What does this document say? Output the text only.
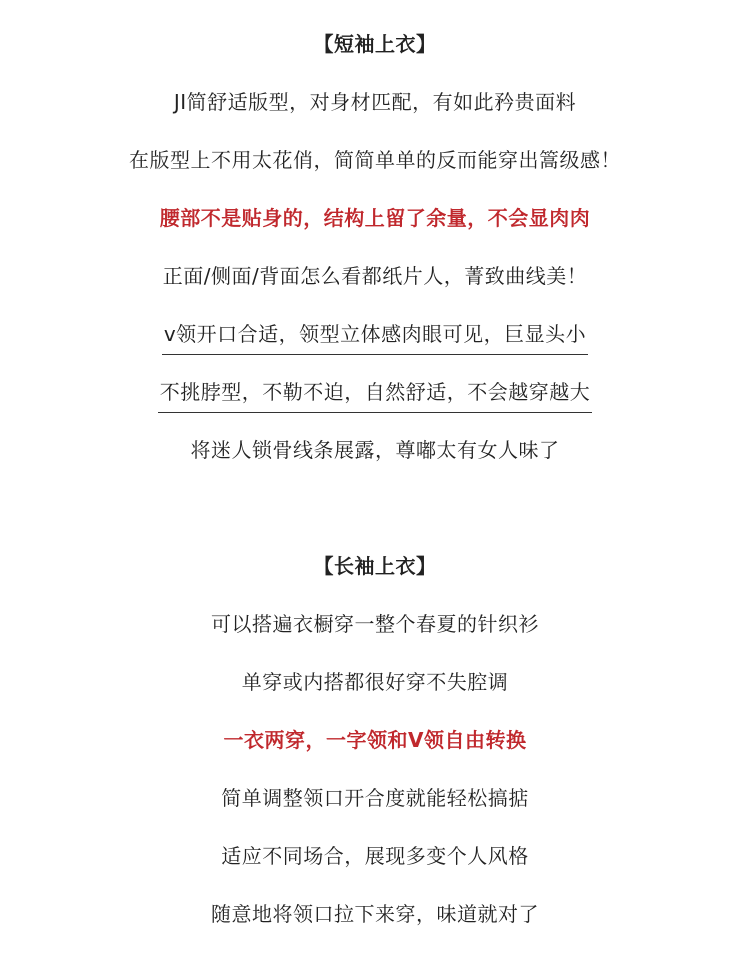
【短袖上衣】
JI简舒适版型，对身材匹配，有如此矜贵面料
在版型上不用太花俏，简简单单的反而能穿出篙级感！
腰部不是贴身的，结构上留了余量，不会显肉肉
正面/侧面/背面怎么看都纸片人，菁致曲线美！
v领开口合适，领型立体感肉眼可见，巨显头小
不挑脖型，不勒不迫，自然舒适，不会越穿越大
将迷人锁骨线条展露，尊嘟太有女人味了
【长袖上衣】
可以搭遍衣橱穿一整个春夏的针织衫
单穿或内搭都很好穿不失腔调
一衣两穿，一字领和V领自由转换
简单调整领口开合度就能轻松搞掂
适应不同场合，展现多变个人风格
随意地将领口拉下来穿，味道就对了
